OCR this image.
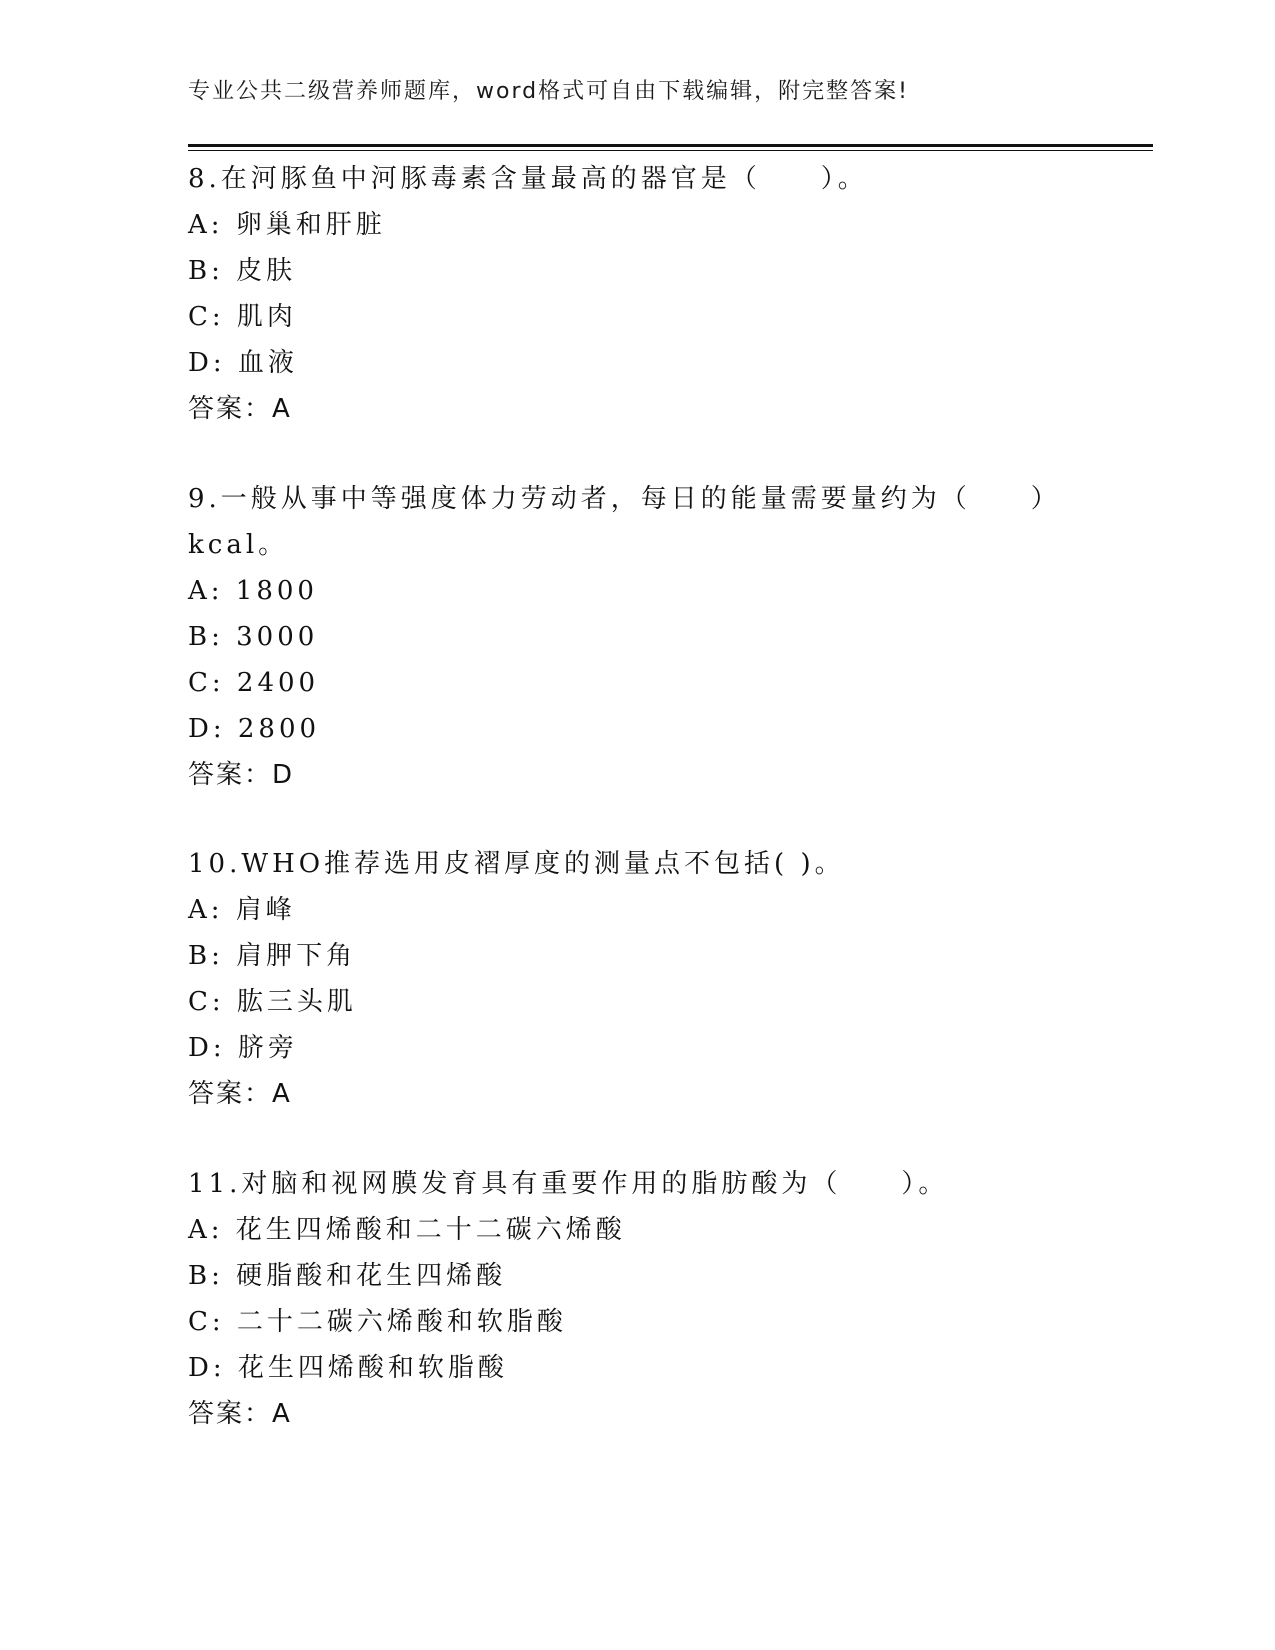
专业公共二级营养师题库，word格式可自由下载编辑，附完整答案!
8.在河豚鱼中河豚毒素含量最高的器官是（　　）。
A: 卵巢和肝脏
B: 皮肤
C: 肌肉
D: 血液
答案：A
9.一般从事中等强度体力劳动者，每日的能量需要量约为（　　）
kcal。
A: 1800
B: 3000
C: 2400
D: 2800
答案：D
10.WHO推荐选用皮褶厚度的测量点不包括( )。
A: 肩峰
B: 肩胛下角
C: 肱三头肌
D: 脐旁
答案：A
11.对脑和视网膜发育具有重要作用的脂肪酸为（　　）。
A: 花生四烯酸和二十二碳六烯酸
B: 硬脂酸和花生四烯酸
C: 二十二碳六烯酸和软脂酸
D: 花生四烯酸和软脂酸
答案：A
